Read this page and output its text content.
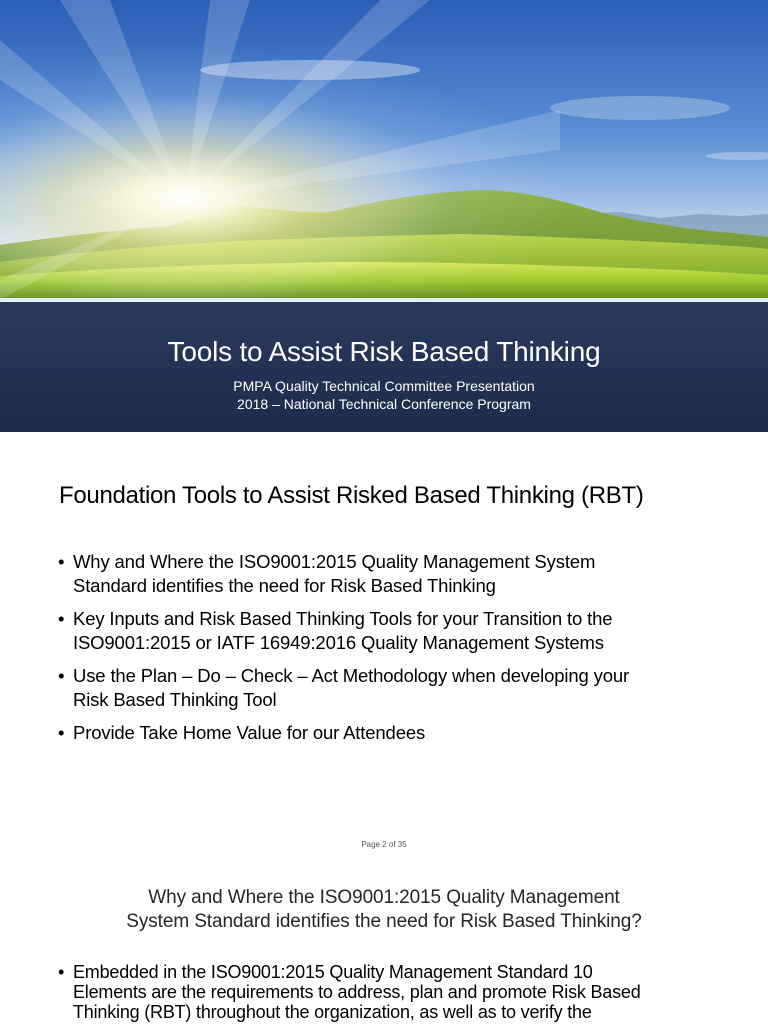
Tools to Assist Risk Based Thinking

PMPA Quality Technical Committee Presentation

2018 – National Technical Conference Program

Foundation Tools to Assist Risked Based Thinking (RBT)
• Why and Where the ISO9001:2015 Quality Management System
Standard identifies the need for Risk Based Thinking
• Key Inputs and Risk Based Thinking Tools for your Transition to the
ISO9001:2015 or IATF 16949:2016 Quality Management Systems
• Use the Plan – Do – Check – Act Methodology when developing your
Risk Based Thinking Tool
• Provide Take Home Value for our Attendees
Page 2 of 35
Why and Where the ISO9001:2015 Quality Management
System Standard identifies the need for Risk Based Thinking?

• Embedded in the ISO9001:2015 Quality Management Standard 10
Elements are the requirements to address, plan and promote Risk Based
Thinking (RBT) throughout the organization, as well as to verify the
